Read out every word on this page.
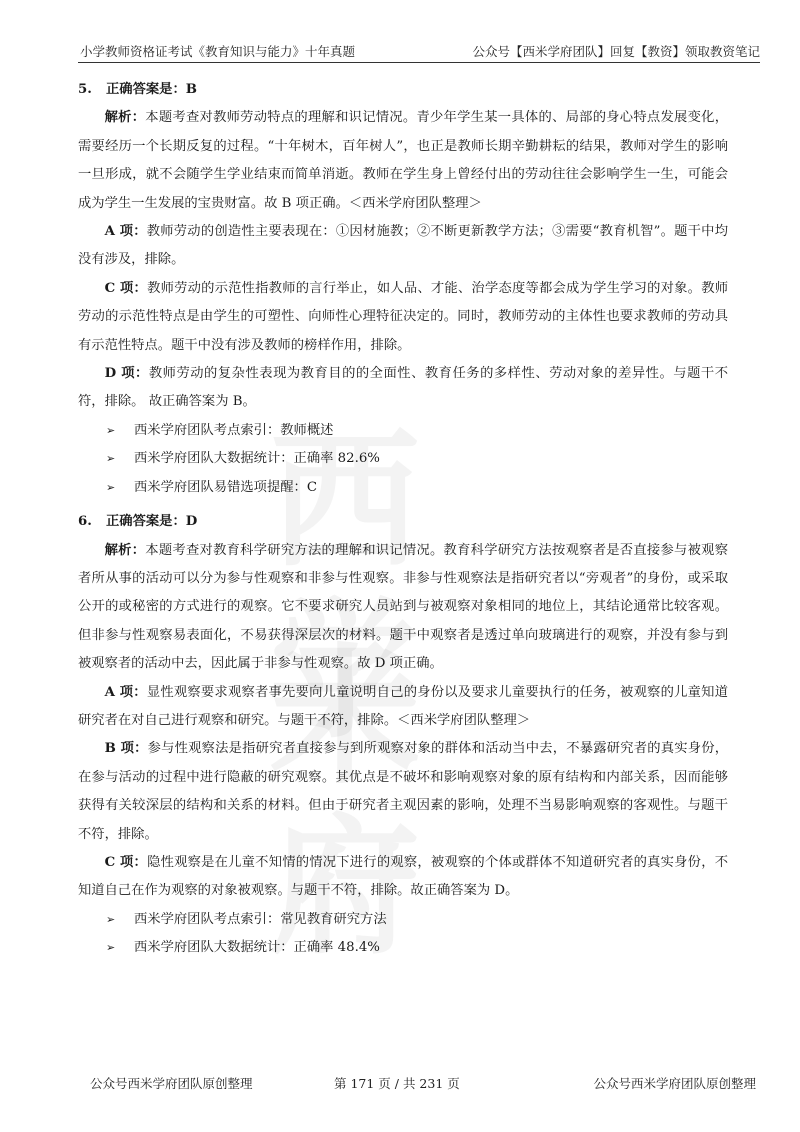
小学教师资格证考试《教育知识与能力》十年真题	公众号【西米学府团队】回复【教资】领取教资笔记

5. 正确答案是：B

解析：本题考查对教师劳动特点的理解和识记情况。青少年学生某一具体的、局部的身心特点发展变化，需要经历一个长期反复的过程。“十年树木，百年树人”，也正是教师长期辛勤耕耘的结果，教师对学生的影响一旦形成，就不会随学生学业结束而简单消逝。教师在学生身上曾经付出的劳动往往会影响学生一生，可能会成为学生一生发展的宝贵财富。故 B 项正确。＜西米学府团队整理＞

A 项：教师劳动的创造性主要表现在：①因材施教；②不断更新教学方法；③需要“教育机智”。题干中均没有涉及，排除。

C 项：教师劳动的示范性指教师的言行举止，如人品、才能、治学态度等都会成为学生学习的对象。教师劳动的示范性特点是由学生的可塑性、向师性心理特征决定的。同时，教师劳动的主体性也要求教师的劳动具有示范性特点。题干中没有涉及教师的榜样作用，排除。

D 项：教师劳动的复杂性表现为教育目的的全面性、教育任务的多样性、劳动对象的差异性。与题干不符，排除。 故正确答案为 B。

➢ 西米学府团队考点索引：教师概述

➢ 西米学府团队大数据统计：正确率 82.6%

➢ 西米学府团队易错选项提醒：C

6. 正确答案是：D

解析：本题考查对教育科学研究方法的理解和识记情况。教育科学研究方法按观察者是否直接参与被观察者所从事的活动可以分为参与性观察和非参与性观察。非参与性观察法是指研究者以“旁观者”的身份，或采取公开的或秘密的方式进行的观察。它不要求研究人员站到与被观察对象相同的地位上，其结论通常比较客观。但非参与性观察易表面化，不易获得深层次的材料。题干中观察者是透过单向玻璃进行的观察，并没有参与到被观察者的活动中去，因此属于非参与性观察。故 D 项正确。

A 项：显性观察要求观察者事先要向儿童说明自己的身份以及要求儿童要执行的任务，被观察的儿童知道研究者在对自己进行观察和研究。与题干不符，排除。＜西米学府团队整理＞

B 项：参与性观察法是指研究者直接参与到所观察对象的群体和活动当中去，不暴露研究者的真实身份，在参与活动的过程中进行隐蔽的研究观察。其优点是不破坏和影响观察对象的原有结构和内部关系，因而能够获得有关较深层的结构和关系的材料。但由于研究者主观因素的影响，处理不当易影响观察的客观性。与题干不符，排除。

C 项：隐性观察是在儿童不知情的情况下进行的观察，被观察的个体或群体不知道研究者的真实身份，不知道自己在作为观察的对象被观察。与题干不符，排除。故正确答案为 D。

➢ 西米学府团队考点索引：常见教育研究方法

➢ 西米学府团队大数据统计：正确率 48.4%

公众号西米学府团队原创整理	第 171 页 / 共 231 页	公众号西米学府团队原创整理
